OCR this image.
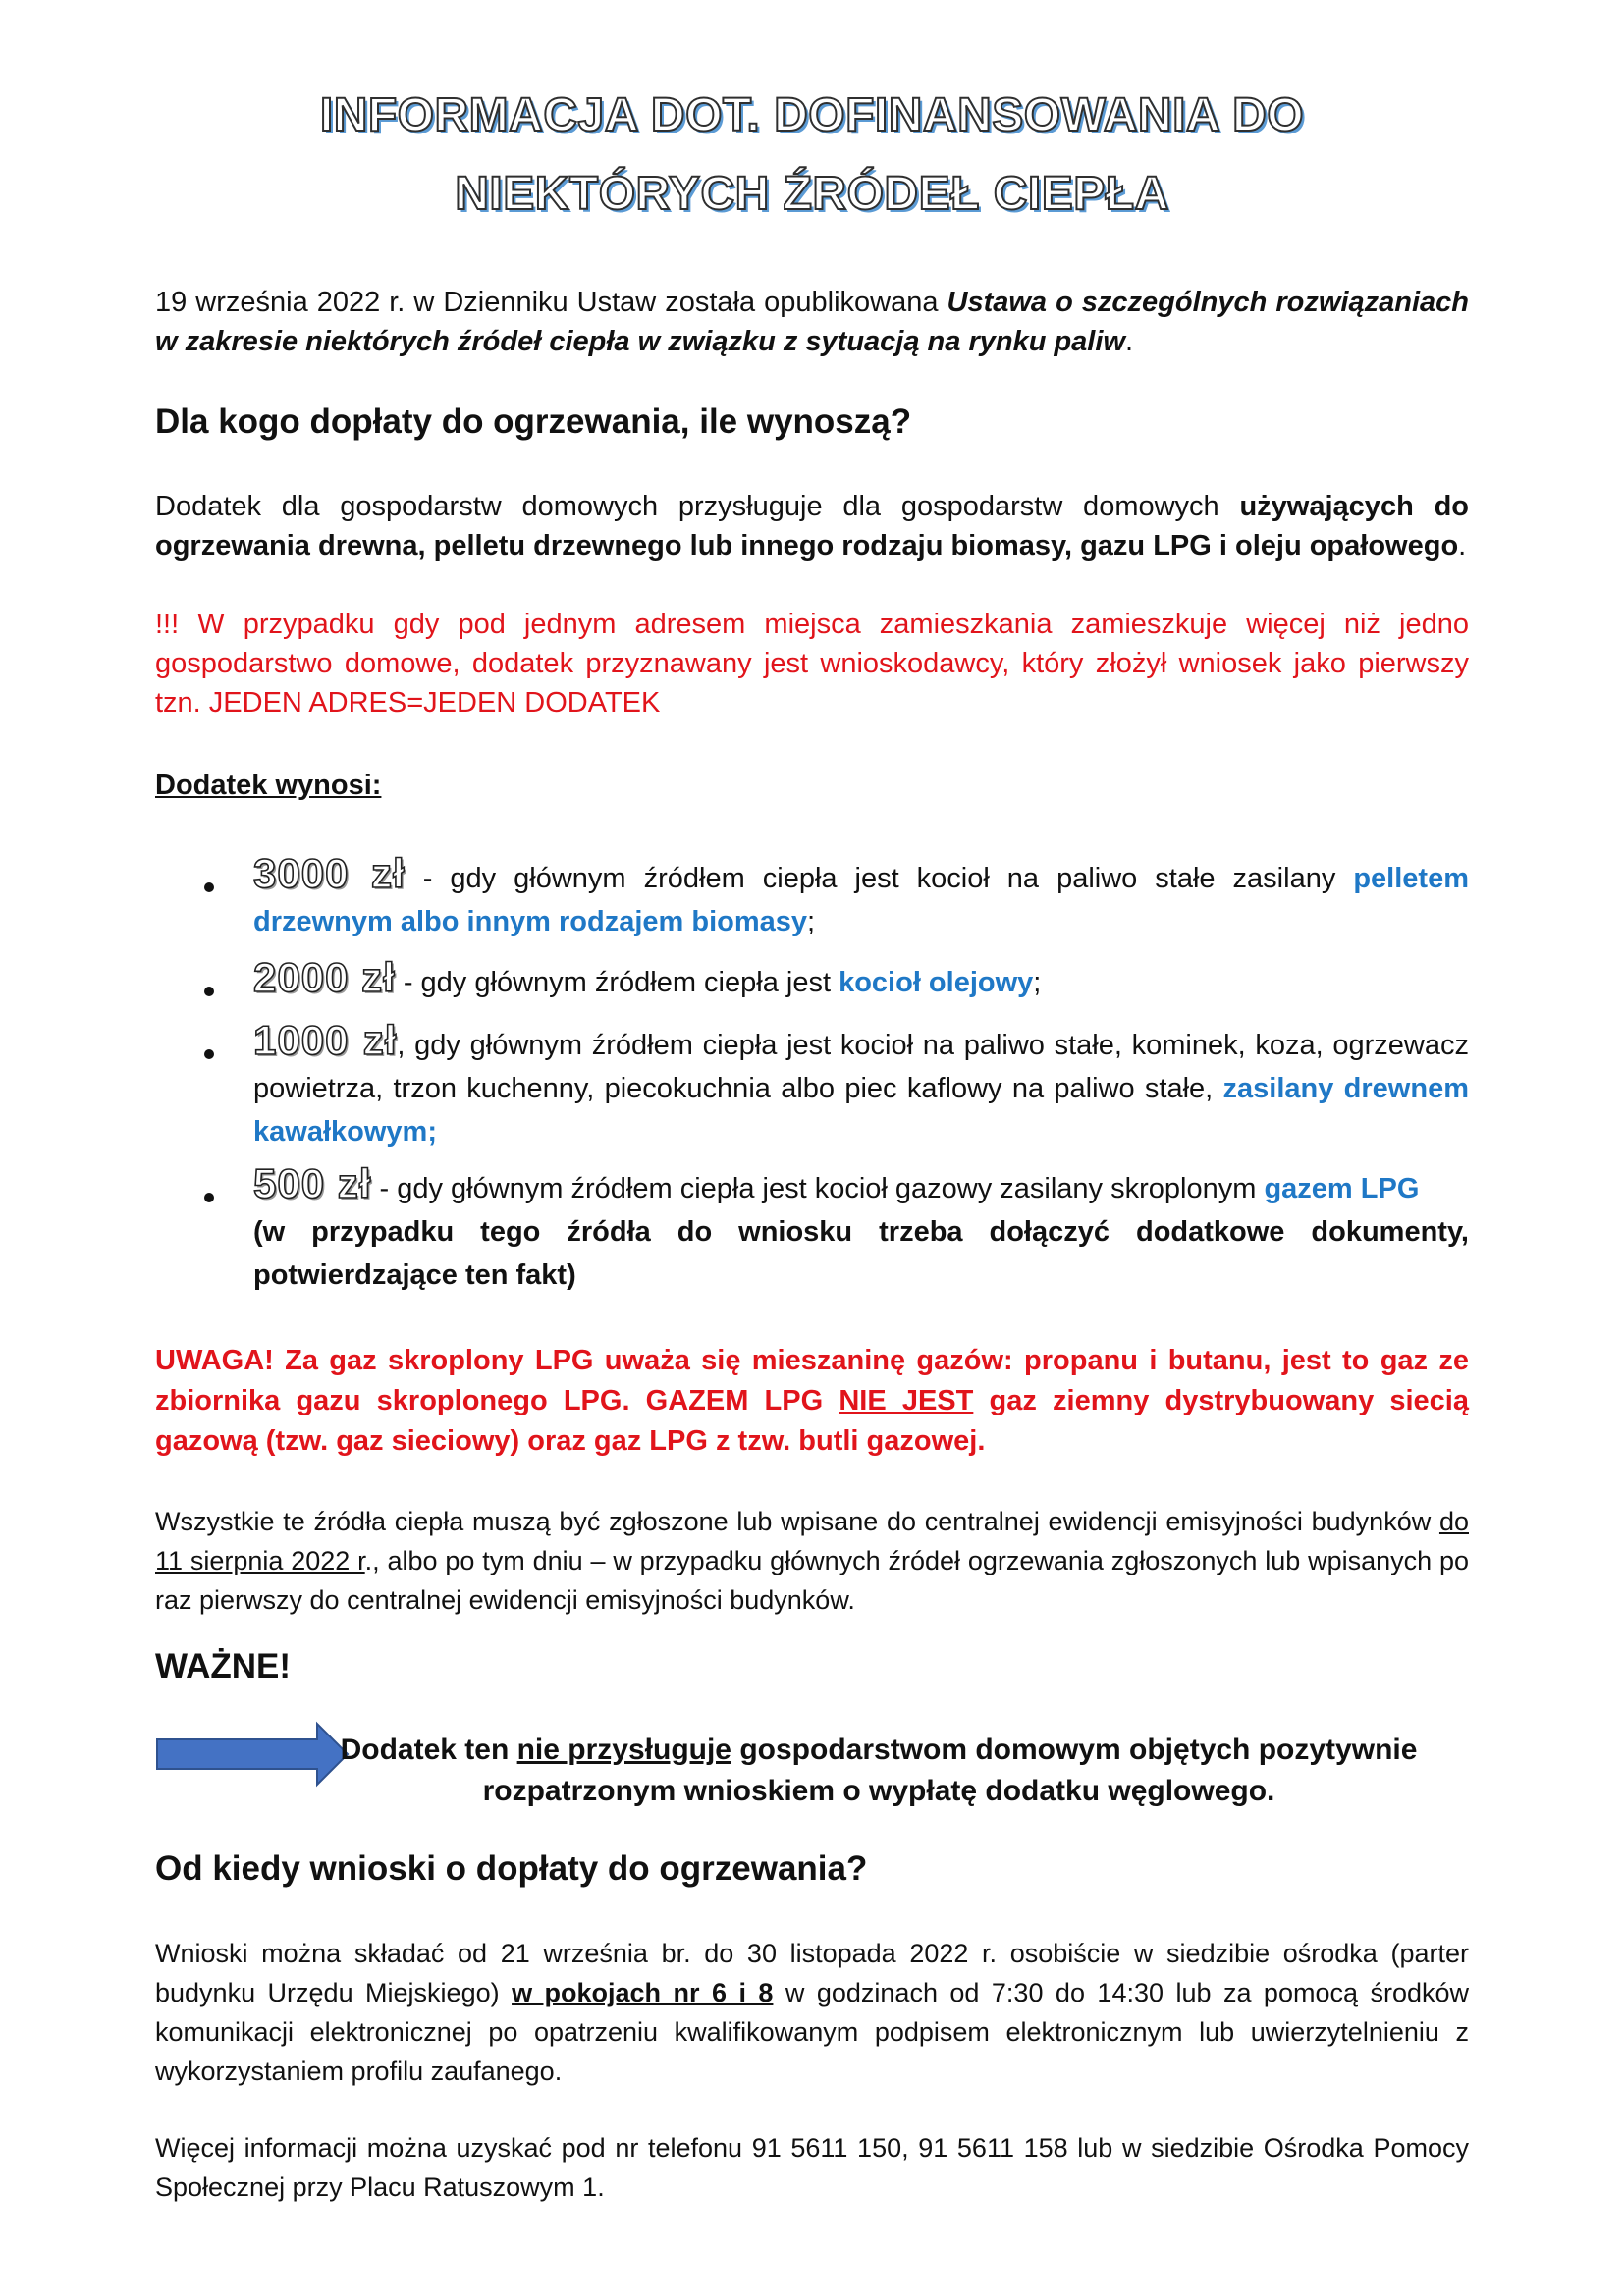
INFORMACJA DOT. DOFINANSOWANIA DO
NIEKTÓRYCH ŹRÓDEŁ CIEPŁA

19 września 2022 r. w Dzienniku Ustaw została opublikowana Ustawa o szczególnych rozwiązaniach w zakresie niektórych źródeł ciepła w związku z sytuacją na rynku paliw.

Dla kogo dopłaty do ogrzewania, ile wynoszą?

Dodatek dla gospodarstw domowych przysługuje dla gospodarstw domowych używających do ogrzewania drewna, pelletu drzewnego lub innego rodzaju biomasy, gazu LPG i oleju opałowego.

!!! W przypadku gdy pod jednym adresem miejsca zamieszkania zamieszkuje więcej niż jedno gospodarstwo domowe, dodatek przyznawany jest wnioskodawcy, który złożył wniosek jako pierwszy tzn. JEDEN ADRES=JEDEN DODATEK

Dodatek wynosi:

3000 zł - gdy głównym źródłem ciepła jest kocioł na paliwo stałe zasilany pelletem drzewnym albo innym rodzajem biomasy;

2000 zł - gdy głównym źródłem ciepła jest kocioł olejowy;

1000 zł, gdy głównym źródłem ciepła jest kocioł na paliwo stałe, kominek, koza, ogrzewacz powietrza, trzon kuchenny, piecokuchnia albo piec kaflowy na paliwo stałe, zasilany drewnem kawałkowym;

500 zł - gdy głównym źródłem ciepła jest kocioł gazowy zasilany skroplonym gazem LPG
(w przypadku tego źródła do wniosku trzeba dołączyć dodatkowe dokumenty, potwierdzające ten fakt)

UWAGA! Za gaz skroplony LPG uważa się mieszaninę gazów: propanu i butanu, jest to gaz ze zbiornika gazu skroplonego LPG. GAZEM LPG NIE JEST gaz ziemny dystrybuowany siecią gazową (tzw. gaz sieciowy) oraz gaz LPG z tzw. butli gazowej.

Wszystkie te źródła ciepła muszą być zgłoszone lub wpisane do centralnej ewidencji emisyjności budynków do 11 sierpnia 2022 r., albo po tym dniu – w przypadku głównych źródeł ogrzewania zgłoszonych lub wpisanych po raz pierwszy do centralnej ewidencji emisyjności budynków.

WAŻNE!
Dodatek ten nie przysługuje gospodarstwom domowym objętych pozytywnie rozpatrzonym wnioskiem o wypłatę dodatku węglowego.
Od kiedy wnioski o dopłaty do ogrzewania?

Wnioski można składać od 21 września br. do 30 listopada 2022 r. osobiście w siedzibie ośrodka (parter budynku Urzędu Miejskiego) w pokojach nr 6 i 8 w godzinach od 7:30 do 14:30 lub za pomocą środków komunikacji elektronicznej po opatrzeniu kwalifikowanym podpisem elektronicznym lub uwierzytelnieniu z wykorzystaniem profilu zaufanego.

Więcej informacji można uzyskać pod nr telefonu 91 5611 150, 91 5611 158 lub w siedzibie Ośrodka Pomocy Społecznej przy Placu Ratuszowym 1.
